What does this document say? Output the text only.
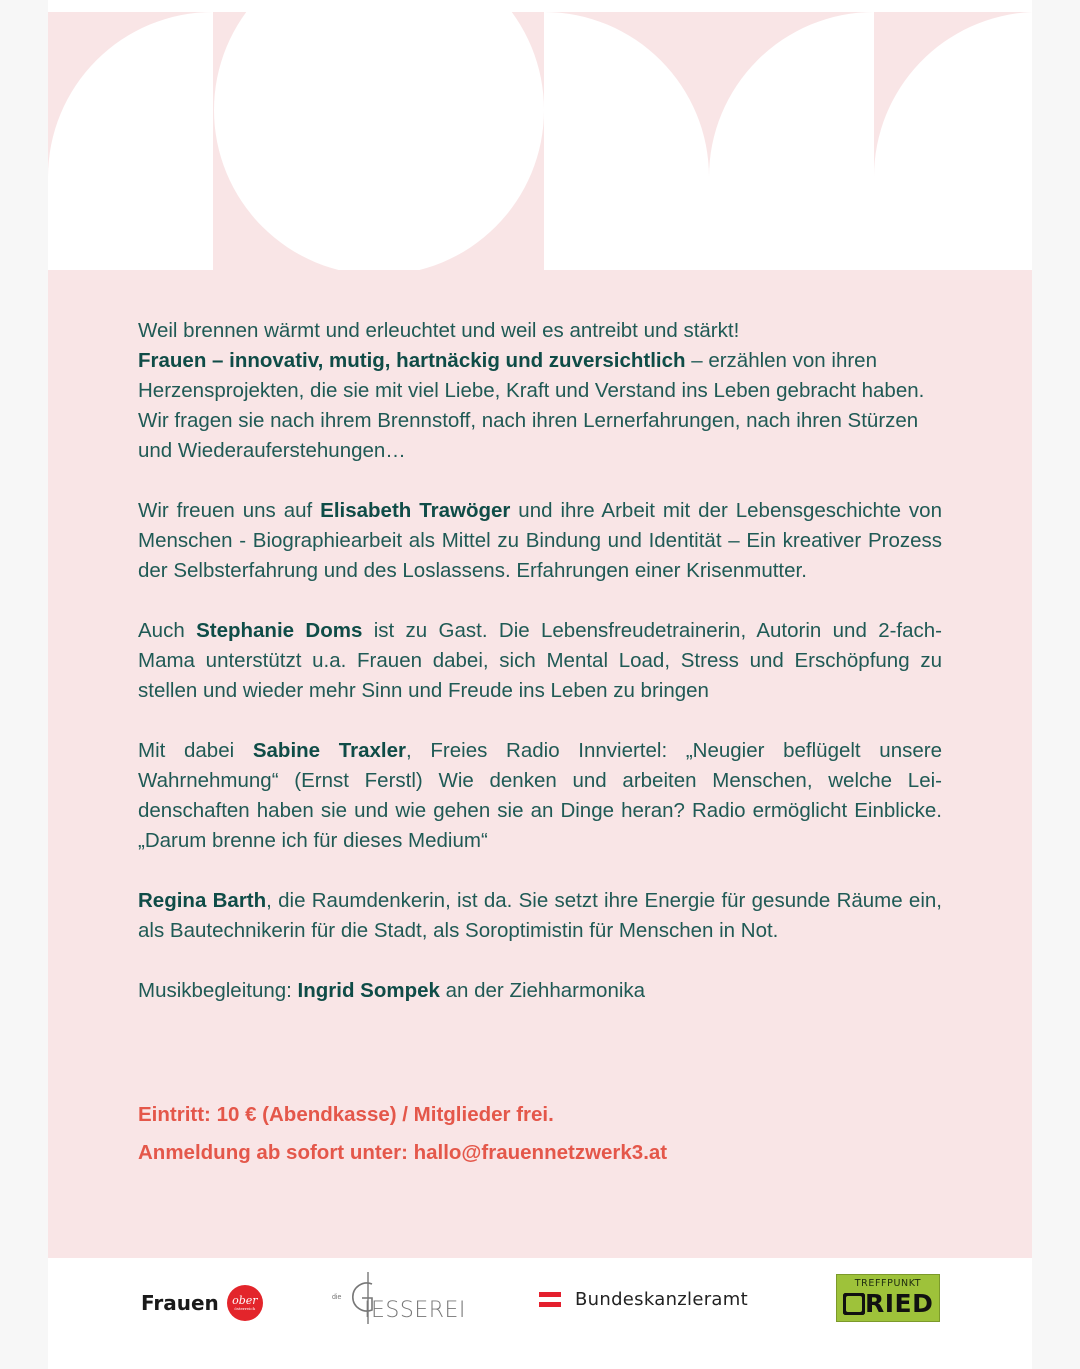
Weil brennen wärmt und erleuchtet und weil es antreibt und stärkt!
Frauen – innovativ, mutig, hartnäckig und zuversichtlich – erzählen von ihren Herzensprojekten, die sie mit viel Liebe, Kraft und Verstand ins Leben gebracht haben. Wir fragen sie nach ihrem Brennstoff, nach ihren Lernerfahrungen, nach ihren Stürzen und Wiederauferstehungen…

Wir freuen uns auf Elisabeth Trawöger und ihre Arbeit mit der Lebensgeschichte von Menschen - Biographiearbeit als Mittel zu Bindung und Identität – Ein kreativer Prozess der Selbsterfahrung und des Loslassens. Erfahrungen einer Krisenmutter.

Auch Stephanie Doms ist zu Gast. Die Lebensfreudetrainerin, Autorin und 2-fach-Mama unterstützt u.a. Frauen dabei, sich Mental Load, Stress und Erschöpfung zu stellen und wieder mehr Sinn und Freude ins Leben zu bringen

Mit dabei Sabine Traxler, Freies Radio Innviertel: „Neugier beflügelt unsere Wahrnehmung“ (Ernst Ferstl) Wie denken und arbeiten Menschen, welche Leidenschaften haben sie und wie gehen sie an Dinge heran? Radio ermöglicht Einblicke. „Darum brenne ich für dieses Medium“

Regina Barth, die Raumdenkerin, ist da. Sie setzt ihre Energie für gesunde Räume ein, als Bautechnikerin für die Stadt, als Soroptimistin für Menschen in Not.

Musikbegleitung: Ingrid Sompek an der Ziehharmonika

Eintritt: 10 € (Abendkasse) / Mitglieder frei.
Anmeldung ab sofort unter: hallo@frauennetzwerk3.at
Frauen ober
österreich
die
IESSEREI	Bundeskanzleramt
TREFFPUNKT
RIED
